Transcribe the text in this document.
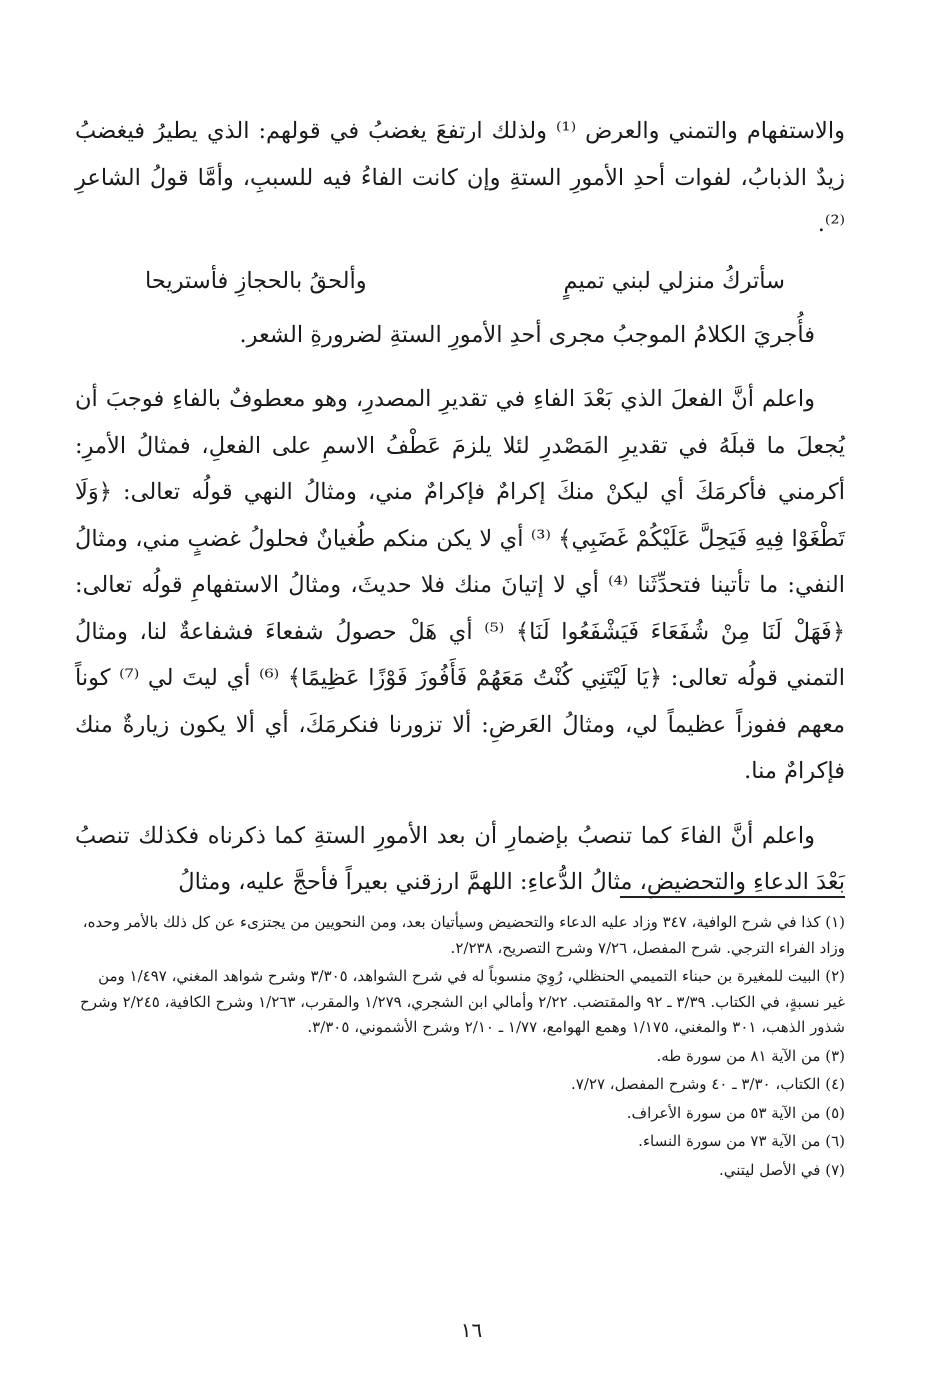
والاستفهام والتمني والعرض ⁽¹⁾ ولذلك ارتفعَ يغضبُ في قولهم: الذي يطيرُ فيغضبُ زيدٌ الذبابُ، لفوات أحدِ الأمورِ الستةِ وإن كانت الفاءُ فيه للسببِ، وأمَّا قولُ الشاعرِ ⁽²⁾.

سأتركُ منزلي لبني تميمٍ
وألحقُ بالحجازِ فأستريحا

فأُجريَ الكلامُ الموجبُ مجرى أحدِ الأمورِ الستةِ لضرورةِ الشعر.

واعلم أنَّ الفعلَ الذي بَعْدَ الفاءِ في تقديرِ المصدرِ، وهو معطوفٌ بالفاءِ فوجبَ أن يُجعلَ ما قبلَهُ في تقديرِ المَصْدرِ لئلا يلزمَ عَطْفُ الاسمِ على الفعلِ، فمثالُ الأمرِ: أكرمني فأكرمَكَ أي ليكنْ منكَ إكرامٌ فإكرامٌ مني، ومثالُ النهي قولُه تعالى: ﴿وَلَا تَطْغَوْا فِيهِ فَيَحِلَّ عَلَيْكُمْ غَضَبِي﴾ ⁽³⁾ أي لا يكن منكم طُغيانٌ فحلولُ غضبٍ مني، ومثالُ النفي: ما تأتينا فتحدِّثَنا ⁽⁴⁾ أي لا إتيانَ منك فلا حديثَ، ومثالُ الاستفهامِ قولُه تعالى: ﴿فَهَلْ لَنَا مِنْ شُفَعَاءَ فَيَشْفَعُوا لَنَا﴾ ⁽⁵⁾ أي هَلْ حصولُ شفعاءَ فشفاعةٌ لنا، ومثالُ التمني قولُه تعالى: ﴿يَا لَيْتَنِي كُنْتُ مَعَهُمْ فَأَفُوزَ فَوْزًا عَظِيمًا﴾ ⁽⁶⁾ أي ليتَ لي ⁽⁷⁾ كوناً معهم ففوزاً عظيماً لي، ومثالُ العَرضِ: ألا تزورنا فنكرمَكَ، أي ألا يكون زيارةٌ منك فإكرامٌ منا.

واعلم أنَّ الفاءَ كما تنصبُ بإضمارِ أن بعد الأمورِ الستةِ كما ذكرناه فكذلك تنصبُ بَعْدَ الدعاءِ والتحضيضِ، مثالُ الدُّعاءِ: اللهمَّ ارزقني بعيراً فأحجَّ عليه، ومثالُ

(١) كذا في شرح الوافية، ٣٤٧ وزاد عليه الدعاء والتحضيض وسيأتيان بعد، ومن النحويين من يجتزىء عن كل ذلك بالأمر وحده، وزاد الفراء الترجي. شرح المفصل، ٧/٢٦ وشرح التصريح، ٢/٢٣٨.

(٢) البيت للمغيرة بن حبناء التميمي الحنظلي، رُوِيَ منسوباً له في شرح الشواهد، ٣/٣٠٥ وشرح شواهد المغني، ١/٤٩٧ ومن غير نسبةٍ، في الكتاب. ٣/٣٩ ـ ٩٢ والمقتضب. ٢/٢٢ وأمالي ابن الشجري، ١/٢٧٩ والمقرب، ١/٢٦٣ وشرح الكافية، ٢/٢٤٥ وشرح شذور الذهب، ٣٠١ والمغني، ١/١٧٥ وهمع الهوامع، ١/٧٧ ـ ٢/١٠ وشرح الأشموني، ٣/٣٠٥.

(٣) من الآية ٨١ من سورة طه.

(٤) الكتاب، ٣/٣٠ ـ ٤٠ وشرح المفصل، ٧/٢٧.

(٥) من الآية ٥٣ من سورة الأعراف.

(٦) من الآية ٧٣ من سورة النساء.

(٧) في الأصل ليتني.

١٦
